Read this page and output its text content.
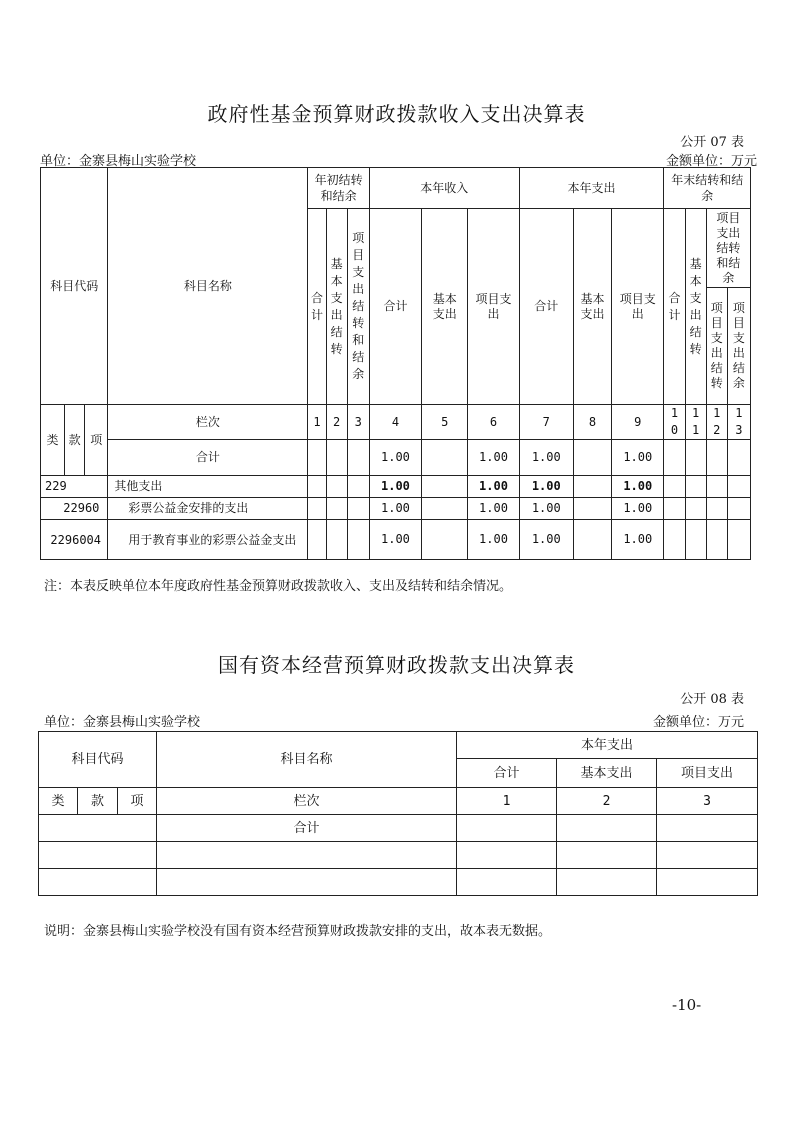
政府性基金预算财政拨款收入支出决算表
公开 07 表
单位：金寨县梅山实验学校	金额单位：万元
科目代码			科目名称	年初结转和结余			本年收入			本年支出			年末结转和结余			
				合计	基本支出结转	项目支出结转和结余	合计	基本支出	项目支出	合计	基本支出	项目支出	合计	基本支出结转	项目支出结转和结余	
															项目支出结转	项目支出结余
类	款	项	栏次	1	2	3	4	5	6	7	8	9	10	11	12	13
			合计				1.00		1.00	1.00		1.00				
229			其他支出				1.00		1.00	1.00		1.00				
22960			彩票公益金安排的支出				1.00		1.00	1.00		1.00				

2296004			用于教育事业的彩票公益金支出				1.00		1.00	1.00		1.00				
注：本表反映单位本年度政府性基金预算财政拨款收入、支出及结转和结余情况。
国有资本经营预算财政拨款支出决算表
公开 08 表
单位：金寨县梅山实验学校	金额单位：万元
科目代码			科目名称	本年支出		
				合计	基本支出	项目支出
类	款	项	栏次	1	2	3
			合计			

说明：金寨县梅山实验学校没有国有资本经营预算财政拨款安排的支出，故本表无数据。
-10-
